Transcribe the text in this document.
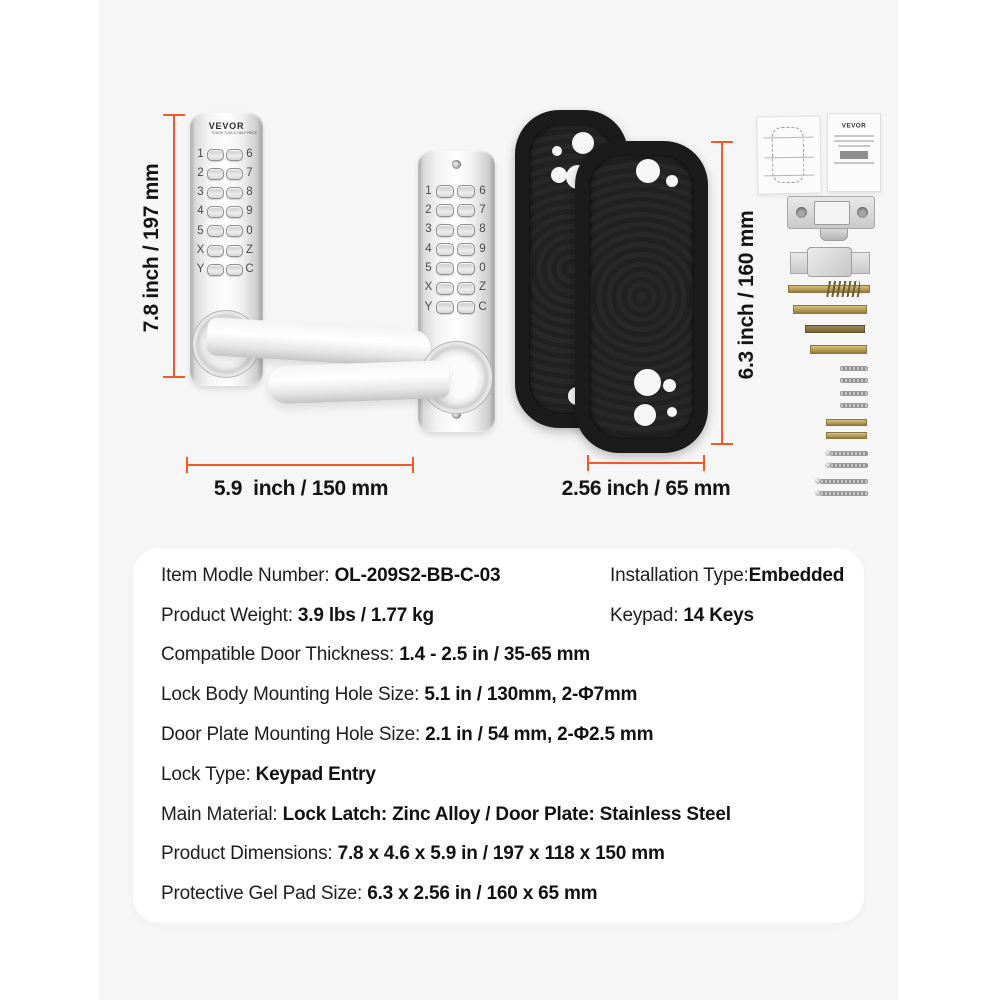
VEVOR
TOUGH TOOLS, HALF PRICE
1	6
2	7
3	8
4	9
5	0
X	Z
Y	C
1	6
2	7
3	8
4	9
5	0
X	Z
Y	C
VEVOR
7.8 inch / 197 mm
5.9  inch / 150 mm
6.3 inch / 160 mm
2.56 inch / 65 mm

Item Modle Number: OL-209S2-BB-C-03	Installation Type:Embedded

Product Weight: 3.9 lbs / 1.77 kg	Keypad: 14 Keys

Compatible Door Thickness: 1.4 - 2.5 in / 35-65 mm

Lock Body Mounting Hole Size: 5.1 in / 130mm, 2-Φ7mm

Door Plate Mounting Hole Size: 2.1 in / 54 mm, 2-Φ2.5 mm

Lock Type: Keypad Entry

Main Material: Lock Latch: Zinc Alloy / Door Plate: Stainless Steel

Product Dimensions: 7.8 x 4.6 x 5.9 in / 197 x 118 x 150 mm

Protective Gel Pad Size: 6.3 x 2.56 in / 160 x 65 mm
